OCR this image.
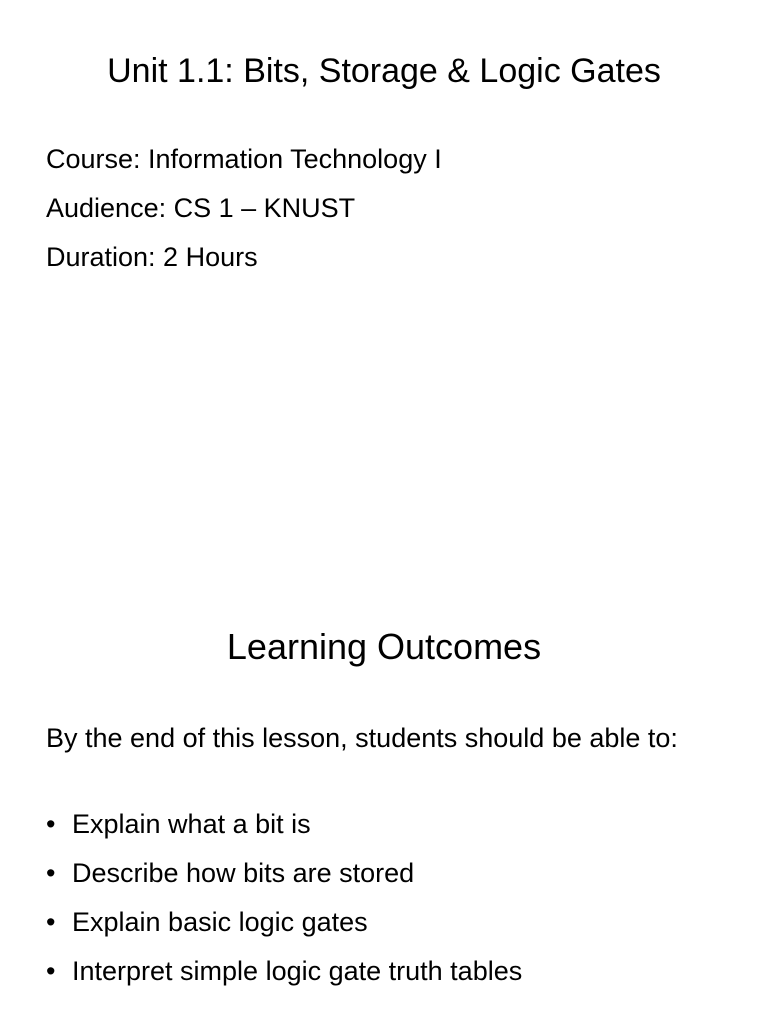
Unit 1.1: Bits, Storage & Logic Gates
Course: Information Technology I
Audience: CS 1 – KNUST
Duration: 2 Hours
Learning Outcomes
By the end of this lesson, students should be able to:
• Explain what a bit is
• Describe how bits are stored
• Explain basic logic gates
• Interpret simple logic gate truth tables
